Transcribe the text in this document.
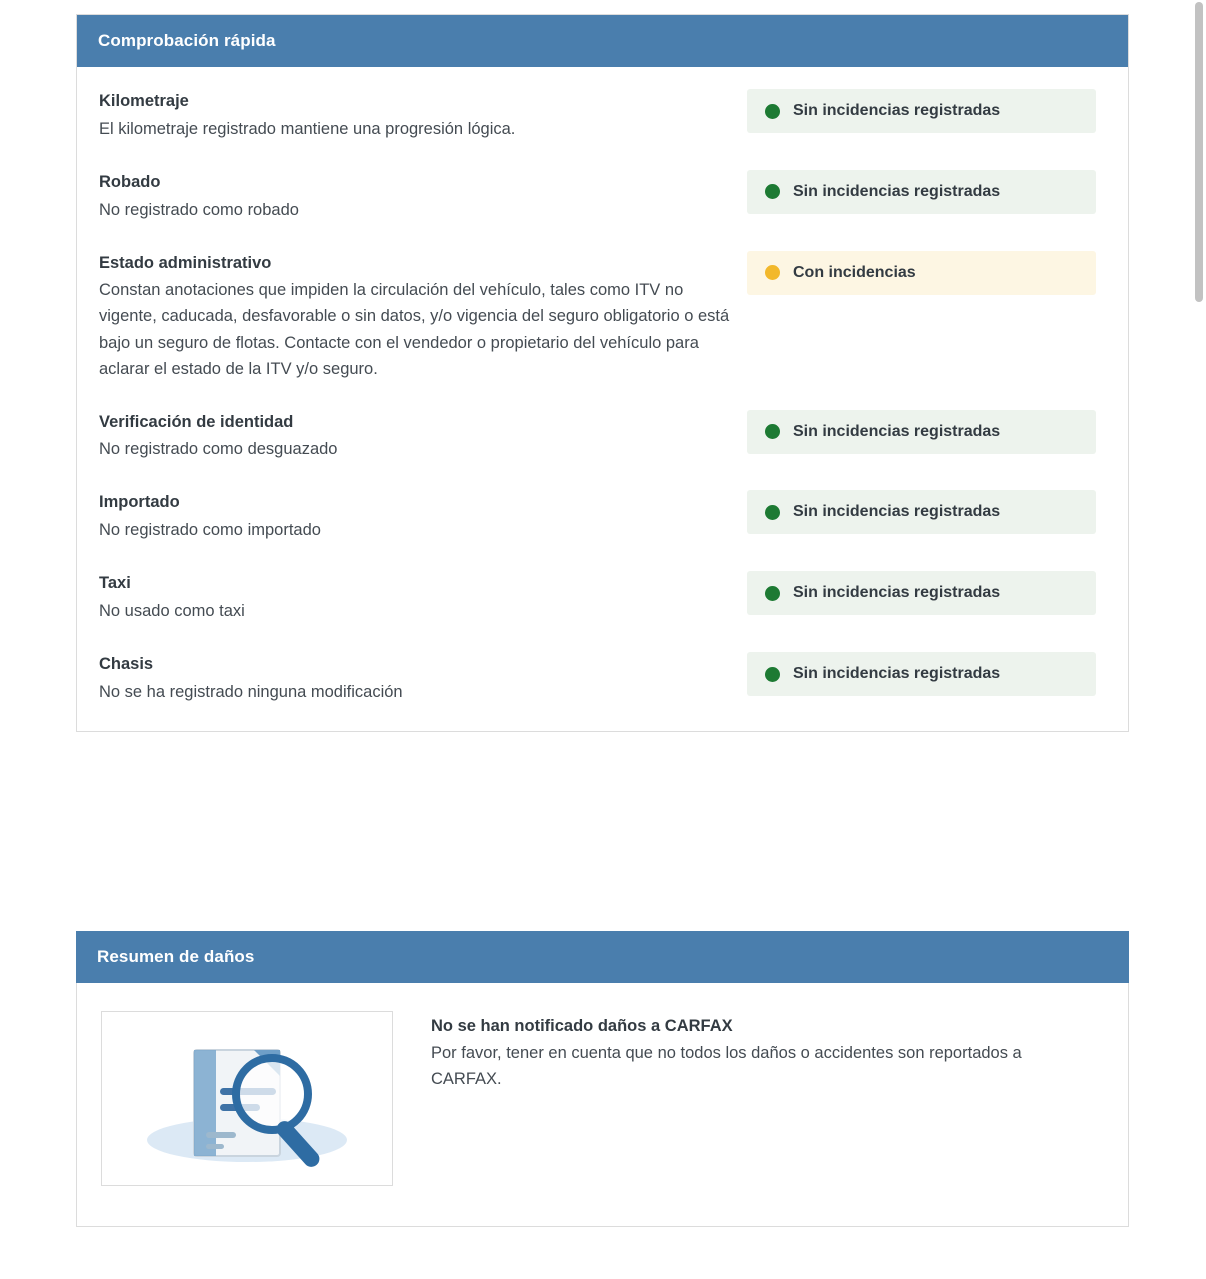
Comprobación rápida
Kilometraje
El kilometraje registrado mantiene una progresión lógica.
Sin incidencias registradas
Robado
No registrado como robado
Sin incidencias registradas
Estado administrativo
Constan anotaciones que impiden la circulación del vehículo, tales como ITV no vigente, caducada, desfavorable o sin datos, y/o vigencia del seguro obligatorio o está bajo un seguro de flotas. Contacte con el vendedor o propietario del vehículo para aclarar el estado de la ITV y/o seguro.
Con incidencias
Verificación de identidad
No registrado como desguazado
Sin incidencias registradas
Importado
No registrado como importado
Sin incidencias registradas
Taxi
No usado como taxi
Sin incidencias registradas
Chasis
No se ha registrado ninguna modificación
Sin incidencias registradas
Resumen de daños
No se han notificado daños a CARFAX
Por favor, tener en cuenta que no todos los daños o accidentes son reportados a CARFAX.
